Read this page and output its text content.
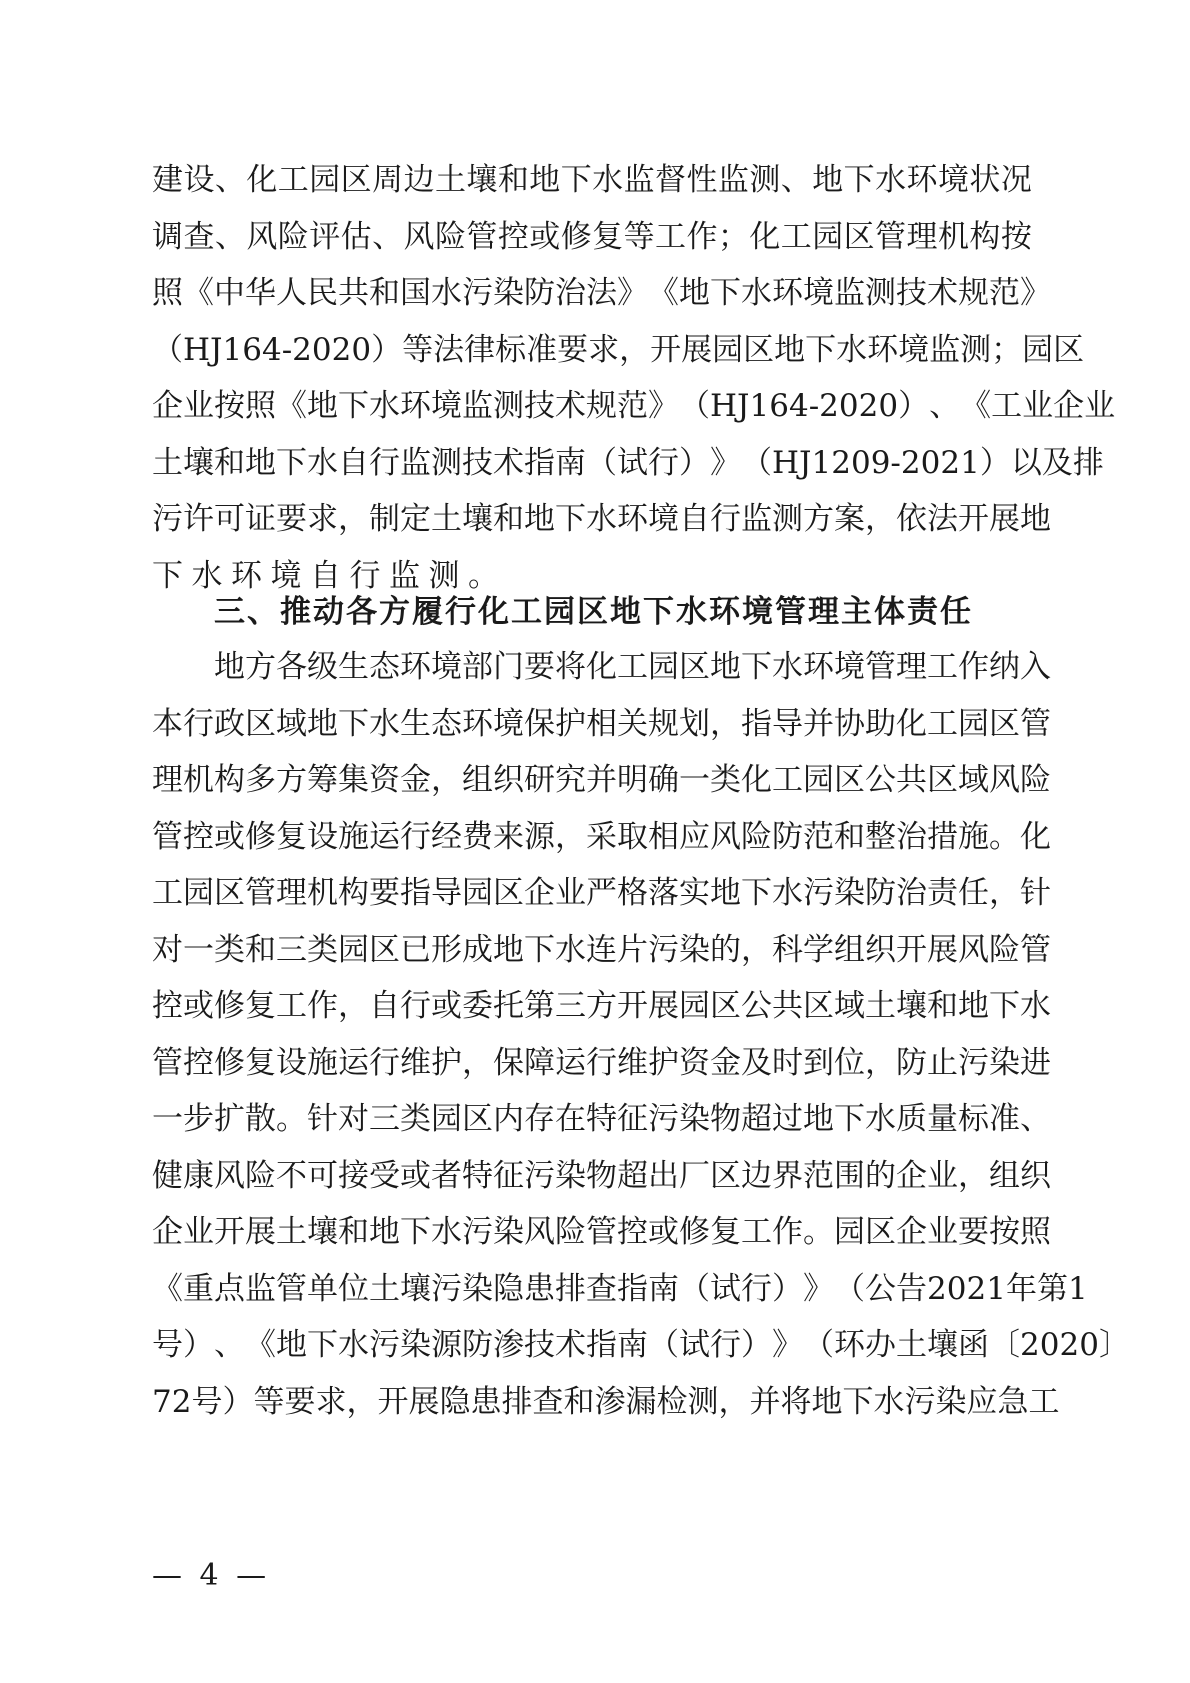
建 设 、 化 工 园 区 周 边 土 壤 和 地 下 水 监 督 性 监 测 、 地 下 水 环 境 状 况
调 查 、 风 险 评 估 、 风 险 管 控 或 修 复 等 工 作 ； 化 工 园 区 管 理 机 构 按
照 《 中 华 人 民 共 和 国 水 污 染 防 治 法 》 《 地 下 水 环 境 监 测 技 术 规 范 》
（ H J 1 6 4 - 2 0 2 0 ） 等 法 律 标 准 要 求 ， 开 展 园 区 地 下 水 环 境 监 测 ； 园 区
企 业 按 照 《 地 下 水 环 境 监 测 技 术 规 范 》 （ H J 1 6 4 - 2 0 2 0 ） 、 《 工 业 企 业
土 壤 和 地 下 水 自 行 监 测 技 术 指 南 （ 试 行 ） 》 （ H J 1 2 0 9 - 2 0 2 1 ） 以 及 排
污 许 可 证 要 求 ， 制 定 土 壤 和 地 下 水 环 境 自 行 监 测 方 案 ， 依 法 开 展 地
下水环境自行监测。
三、推动各方履行化工园区地下水环境管理主体责任
地 方 各 级 生 态 环 境 部 门 要 将 化 工 园 区 地 下 水 环 境 管 理 工 作 纳 入
本 行 政 区 域 地 下 水 生 态 环 境 保 护 相 关 规 划 ， 指 导 并 协 助 化 工 园 区 管
理 机 构 多 方 筹 集 资 金 ， 组 织 研 究 并 明 确 一 类 化 工 园 区 公 共 区 域 风 险
管 控 或 修 复 设 施 运 行 经 费 来 源 ， 采 取 相 应 风 险 防 范 和 整 治 措 施 。 化
工 园 区 管 理 机 构 要 指 导 园 区 企 业 严 格 落 实 地 下 水 污 染 防 治 责 任 ， 针
对 一 类 和 三 类 园 区 已 形 成 地 下 水 连 片 污 染 的 ， 科 学 组 织 开 展 风 险 管
控 或 修 复 工 作 ， 自 行 或 委 托 第 三 方 开 展 园 区 公 共 区 域 土 壤 和 地 下 水
管 控 修 复 设 施 运 行 维 护 ， 保 障 运 行 维 护 资 金 及 时 到 位 ， 防 止 污 染 进
一 步 扩 散 。 针 对 三 类 园 区 内 存 在 特 征 污 染 物 超 过 地 下 水 质 量 标 准 、
健 康 风 险 不 可 接 受 或 者 特 征 污 染 物 超 出 厂 区 边 界 范 围 的 企 业 ， 组 织
企 业 开 展 土 壤 和 地 下 水 污 染 风 险 管 控 或 修 复 工 作 。 园 区 企 业 要 按 照
《 重 点 监 管 单 位 土 壤 污 染 隐 患 排 查 指 南 （ 试 行 ） 》 （ 公 告 2 0 2 1 年 第 1
号 ） 、 《 地 下 水 污 染 源 防 渗 技 术 指 南 （ 试 行 ） 》 （ 环 办 土 壤 函 〔 2 0 2 0 〕
7 2 号 ） 等 要 求 ， 开 展 隐 患 排 查 和 渗 漏 检 测 ， 并 将 地 下 水 污 染 应 急 工
— 4 —
